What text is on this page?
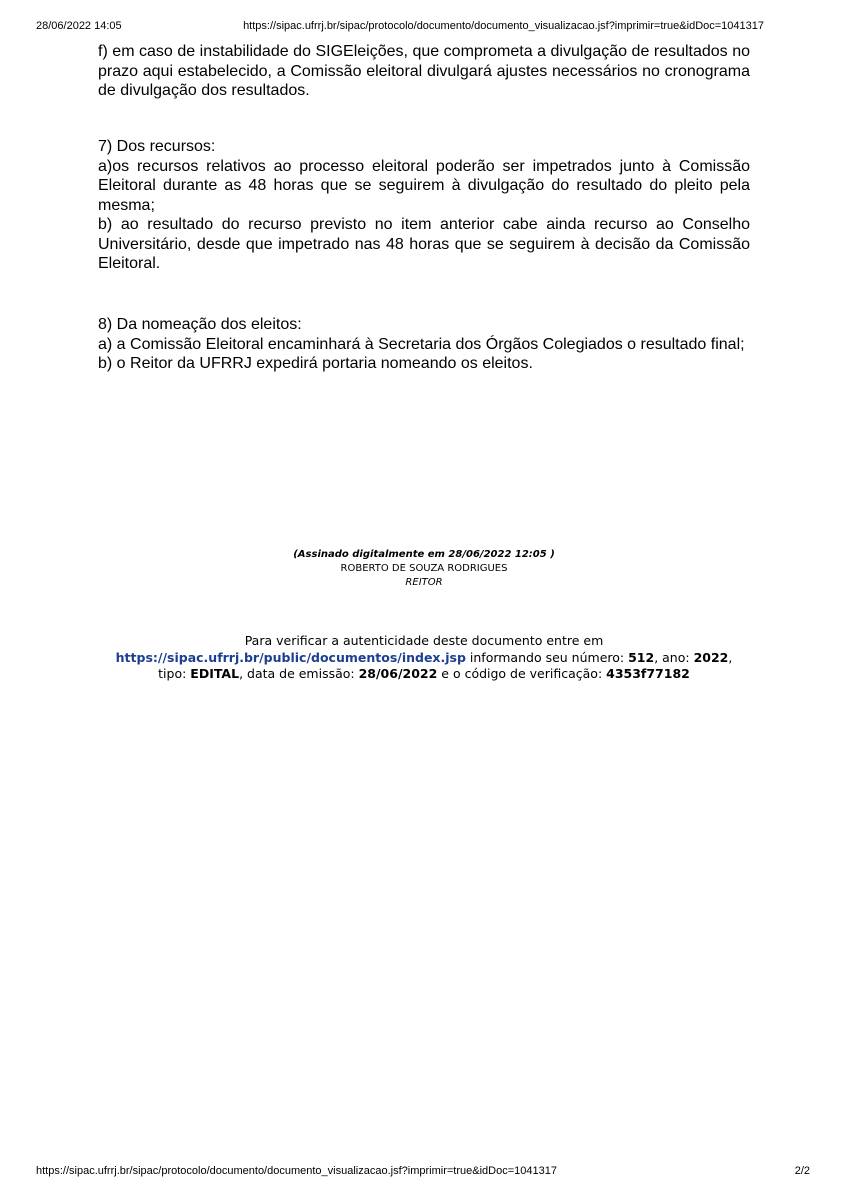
28/06/2022 14:05	https://sipac.ufrrj.br/sipac/protocolo/documento/documento_visualizacao.jsf?imprimir=true&idDoc=1041317

f) em caso de instabilidade do SIGEleições, que comprometa a divulgação de resultados no prazo aqui estabelecido, a Comissão eleitoral divulgará ajustes necessários no cronograma de divulgação dos resultados.

7) Dos recursos:

a)os recursos relativos ao processo eleitoral poderão ser impetrados junto à Comissão Eleitoral durante as 48 horas que se seguirem à divulgação do resultado do pleito pela mesma;

b) ao resultado do recurso previsto no item anterior cabe ainda recurso ao Conselho Universitário, desde que impetrado nas 48 horas que se seguirem à decisão da Comissão Eleitoral.

8) Da nomeação dos eleitos:

a) a Comissão Eleitoral encaminhará à Secretaria dos Órgãos Colegiados o resultado final;

b) o Reitor da UFRRJ expedirá portaria nomeando os eleitos.

(Assinado digitalmente em 28/06/2022 12:05 )
ROBERTO DE SOUZA RODRIGUES
REITOR
Para verificar a autenticidade deste documento entre em
https://sipac.ufrrj.br/public/documentos/index.jsp informando seu número: 512, ano: 2022, tipo: EDITAL, data de emissão: 28/06/2022 e o código de verificação: 4353f77182
https://sipac.ufrrj.br/sipac/protocolo/documento/documento_visualizacao.jsf?imprimir=true&idDoc=1041317	2/2
